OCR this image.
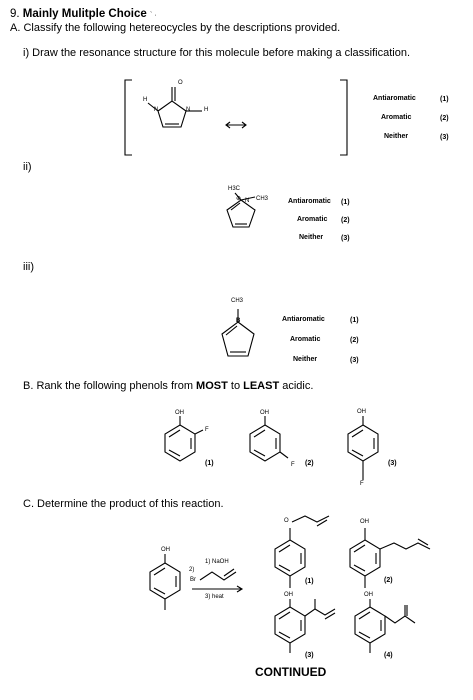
9. Mainly Mulitple Choice ` ·
A. Classify the following hetereocycles by the descriptions provided.
i) Draw the resonance structure for this molecule before making a classification.
H
N
O
N H
Antiaromatic	(1)
Aromatic	(2)
Neither	(3)
ii)
H3C
⊕ N CH3	Antiaromatic (1)
Aromatic (2)
Neither	(3)
iii)
CH3
B	Antiaromatic	(1)
Aromatic	(2)
Neither	(3)
B. Rank the following phenols from MOST to LEAST acidic.
OH
F
(1)
OH
F (2)
OH
F
(3)
C. Determine the product of this reaction.
OH
2)
Br
1) NaOH
3) heat
O
(1)
OH
(2)
OH
(3)
OH
(4)
CONTINUED
